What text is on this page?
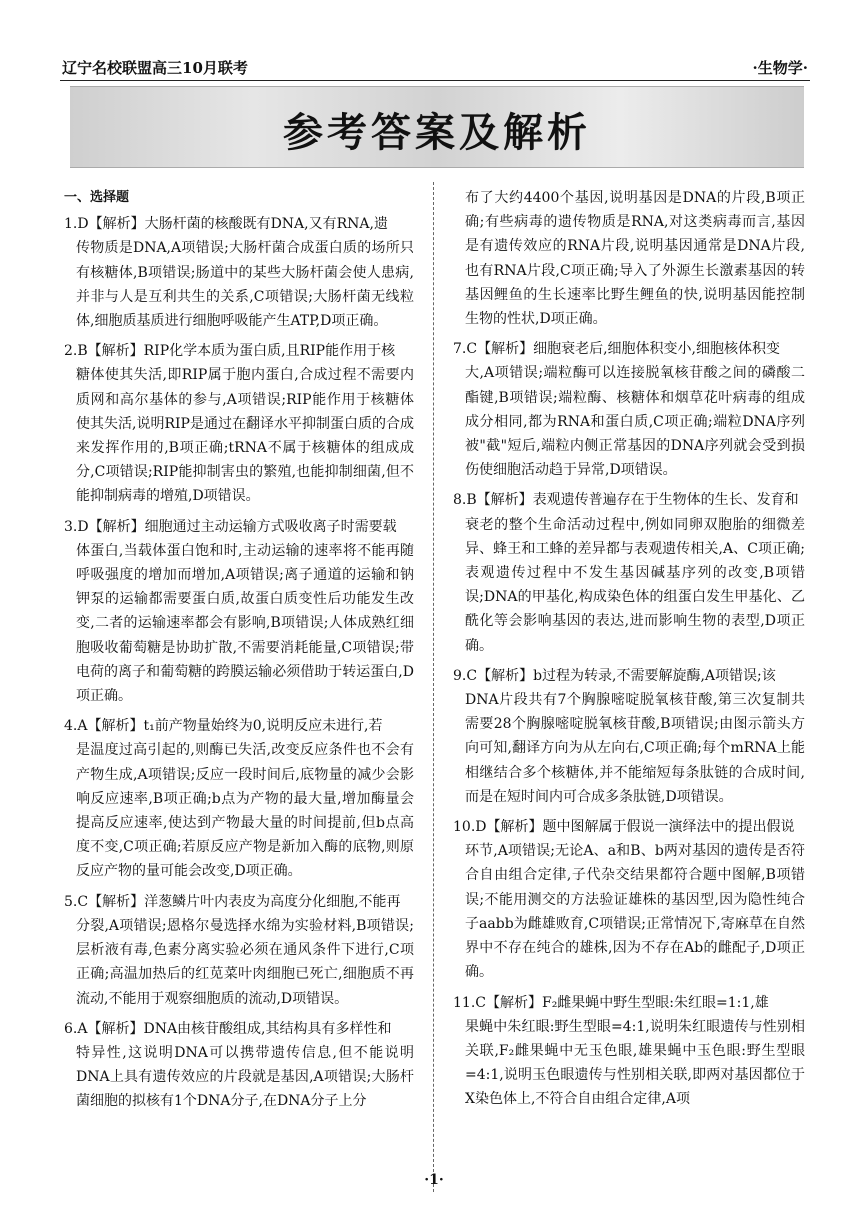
辽宁名校联盟高三10月联考	·生物学·
参考答案及解析
一、选择题
1.D【解析】大肠杆菌的核酸既有DNA,又有RNA,遗
传物质是DNA,A项错误;大肠杆菌合成蛋白质的场所只有核糖体,B项错误;肠道中的某些大肠杆菌会使人患病,并非与人是互利共生的关系,C项错误;大肠杆菌无线粒体,细胞质基质进行细胞呼吸能产生ATP,D项正确。
2.B【解析】RIP化学本质为蛋白质,且RIP能作用于核
糖体使其失活,即RIP属于胞内蛋白,合成过程不需要内质网和高尔基体的参与,A项错误;RIP能作用于核糖体使其失活,说明RIP是通过在翻译水平抑制蛋白质的合成来发挥作用的,B项正确;tRNA不属于核糖体的组成成分,C项错误;RIP能抑制害虫的繁殖,也能抑制细菌,但不能抑制病毒的增殖,D项错误。
3.D【解析】细胞通过主动运输方式吸收离子时需要载
体蛋白,当载体蛋白饱和时,主动运输的速率将不能再随呼吸强度的增加而增加,A项错误;离子通道的运输和钠钾泵的运输都需要蛋白质,故蛋白质变性后功能发生改变,二者的运输速率都会有影响,B项错误;人体成熟红细胞吸收葡萄糖是协助扩散,不需要消耗能量,C项错误;带电荷的离子和葡萄糖的跨膜运输必须借助于转运蛋白,D项正确。
4.A【解析】t₁前产物量始终为0,说明反应未进行,若
是温度过高引起的,则酶已失活,改变反应条件也不会有产物生成,A项错误;反应一段时间后,底物量的减少会影响反应速率,B项正确;b点为产物的最大量,增加酶量会提高反应速率,使达到产物最大量的时间提前,但b点高度不变,C项正确;若原反应产物是新加入酶的底物,则原反应产物的量可能会改变,D项正确。
5.C【解析】洋葱鳞片叶内表皮为高度分化细胞,不能再
分裂,A项错误;恩格尔曼选择水绵为实验材料,B项错误;层析液有毒,色素分离实验必须在通风条件下进行,C项正确;高温加热后的红苋菜叶肉细胞已死亡,细胞质不再流动,不能用于观察细胞质的流动,D项错误。
6.A【解析】DNA由核苷酸组成,其结构具有多样性和
特异性,这说明DNA可以携带遗传信息,但不能说明DNA上具有遗传效应的片段就是基因,A项错误;大肠杆菌细胞的拟核有1个DNA分子,在DNA分子上分
布了大约4400个基因,说明基因是DNA的片段,B项正确;有些病毒的遗传物质是RNA,对这类病毒而言,基因是有遗传效应的RNA片段,说明基因通常是DNA片段,也有RNA片段,C项正确;导入了外源生长激素基因的转基因鲤鱼的生长速率比野生鲤鱼的快,说明基因能控制生物的性状,D项正确。
7.C【解析】细胞衰老后,细胞体积变小,细胞核体积变
大,A项错误;端粒酶可以连接脱氧核苷酸之间的磷酸二酯键,B项错误;端粒酶、核糖体和烟草花叶病毒的组成成分相同,都为RNA和蛋白质,C项正确;端粒DNA序列被"截"短后,端粒内侧正常基因的DNA序列就会受到损伤使细胞活动趋于异常,D项错误。
8.B【解析】表观遗传普遍存在于生物体的生长、发育和
衰老的整个生命活动过程中,例如同卵双胞胎的细微差异、蜂王和工蜂的差异都与表观遗传相关,A、C项正确;表观遗传过程中不发生基因碱基序列的改变,B项错误;DNA的甲基化,构成染色体的组蛋白发生甲基化、乙酰化等会影响基因的表达,进而影响生物的表型,D项正确。
9.C【解析】b过程为转录,不需要解旋酶,A项错误;该
DNA片段共有7个胸腺嘧啶脱氧核苷酸,第三次复制共需要28个胸腺嘧啶脱氧核苷酸,B项错误;由图示箭头方向可知,翻译方向为从左向右,C项正确;每个mRNA上能相继结合多个核糖体,并不能缩短每条肽链的合成时间,而是在短时间内可合成多条肽链,D项错误。
10.D【解析】题中图解属于假说一演绎法中的提出假说
环节,A项错误;无论A、a和B、b两对基因的遗传是否符合自由组合定律,子代杂交结果都符合题中图解,B项错误;不能用测交的方法验证雄株的基因型,因为隐性纯合子aabb为雌雄败育,C项错误;正常情况下,寄麻草在自然界中不存在纯合的雄株,因为不存在Ab的雌配子,D项正确。
11.C【解析】F₂雌果蝇中野生型眼:朱红眼=1:1,雄
果蝇中朱红眼:野生型眼=4:1,说明朱红眼遗传与性别相关联,F₂雌果蝇中无玉色眼,雄果蝇中玉色眼:野生型眼=4:1,说明玉色眼遗传与性别相关联,即两对基因都位于X染色体上,不符合自由组合定律,A项
·1·
